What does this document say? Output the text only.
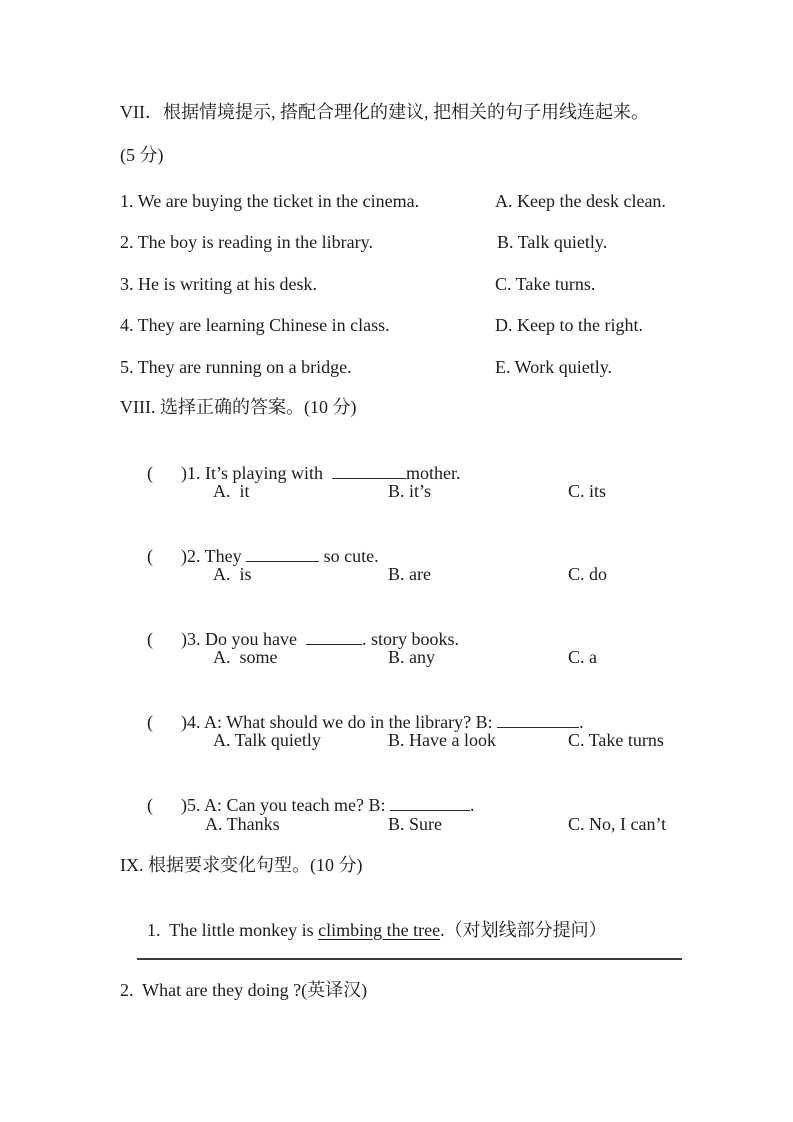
VII．根据情境提示, 搭配合理化的建议, 把相关的句子用线连起来。
(5 分)
1. We are buying the ticket in the cinema.	A. Keep the desk clean.
2. The boy is reading in the library.	B. Talk quietly.
3. He is writing at his desk.	C. Take turns.
4. They are learning Chinese in class.	D. Keep to the right.
5. They are running on a bridge.	E. Work quietly.
VIII. 选择正确的答案。(10 分)

( )1. It’s playing with	mother.

A.  it	B. it’s	C. its

( )2. They	so cute.

A.  is	B. are	C. do

( )3. Do you have	. story books.

A.  some	B. any	C. a

( )4. A: What should we do in the library? B:	.

A. Talk quietly	B. Have a look	C. Take turns

( )5. A: Can you teach me? B:	.

A. Thanks	B. Sure	C. No, I can’t
IX. 根据要求变化句型。(10 分)

1.  The little monkey is climbing the tree.（对划线部分提问）

2.  What are they doing ?(英译汉)
